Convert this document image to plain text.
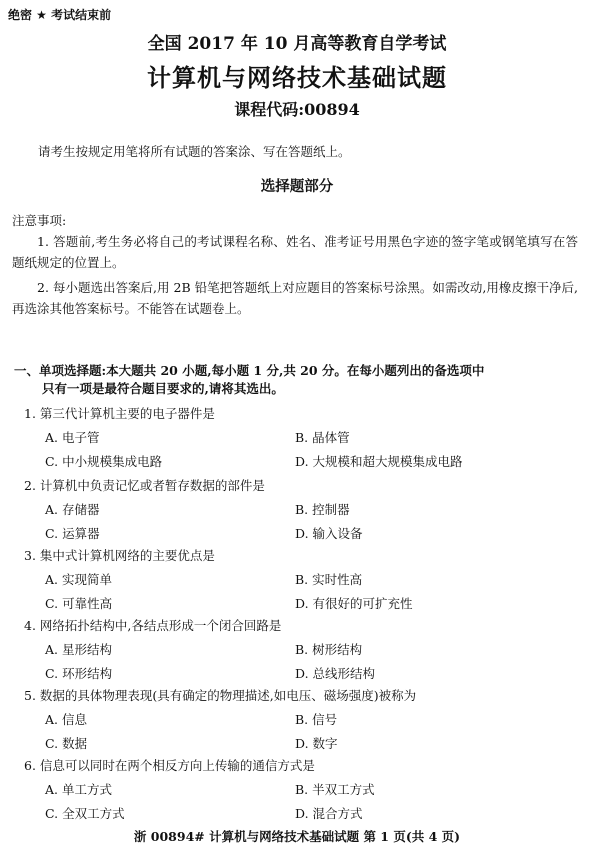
绝密 ★ 考试结束前
全国 2017 年 10 月高等教育自学考试
计算机与网络技术基础试题
课程代码:00894
请考生按规定用笔将所有试题的答案涂、写在答题纸上。
选择题部分
注意事项:
1. 答题前,考生务必将自己的考试课程名称、姓名、准考证号用黑色字迹的签字笔或钢笔填写在答题纸规定的位置上。
2. 每小题选出答案后,用 2B 铅笔把答题纸上对应题目的答案标号涂黑。如需改动,用橡皮擦干净后,再选涂其他答案标号。不能答在试题卷上。
一、单项选择题:本大题共 20 小题,每小题 1 分,共 20 分。在每小题列出的备选项中
只有一项是最符合题目要求的,请将其选出。
1. 第三代计算机主要的电子器件是
A. 电子管	B. 晶体管
C. 中小规模集成电路	D. 大规模和超大规模集成电路
2. 计算机中负责记忆或者暂存数据的部件是
A. 存储器	B. 控制器
C. 运算器	D. 输入设备
3. 集中式计算机网络的主要优点是
A. 实现简单	B. 实时性高
C. 可靠性高	D. 有很好的可扩充性
4. 网络拓扑结构中,各结点形成一个闭合回路是
A. 星形结构	B. 树形结构
C. 环形结构	D. 总线形结构
5. 数据的具体物理表现(具有确定的物理描述,如电压、磁场强度)被称为
A. 信息	B. 信号
C. 数据	D. 数字
6. 信息可以同时在两个相反方向上传输的通信方式是
A. 单工方式	B. 半双工方式
C. 全双工方式	D. 混合方式
浙 00894# 计算机与网络技术基础试题 第 1 页(共 4 页)
